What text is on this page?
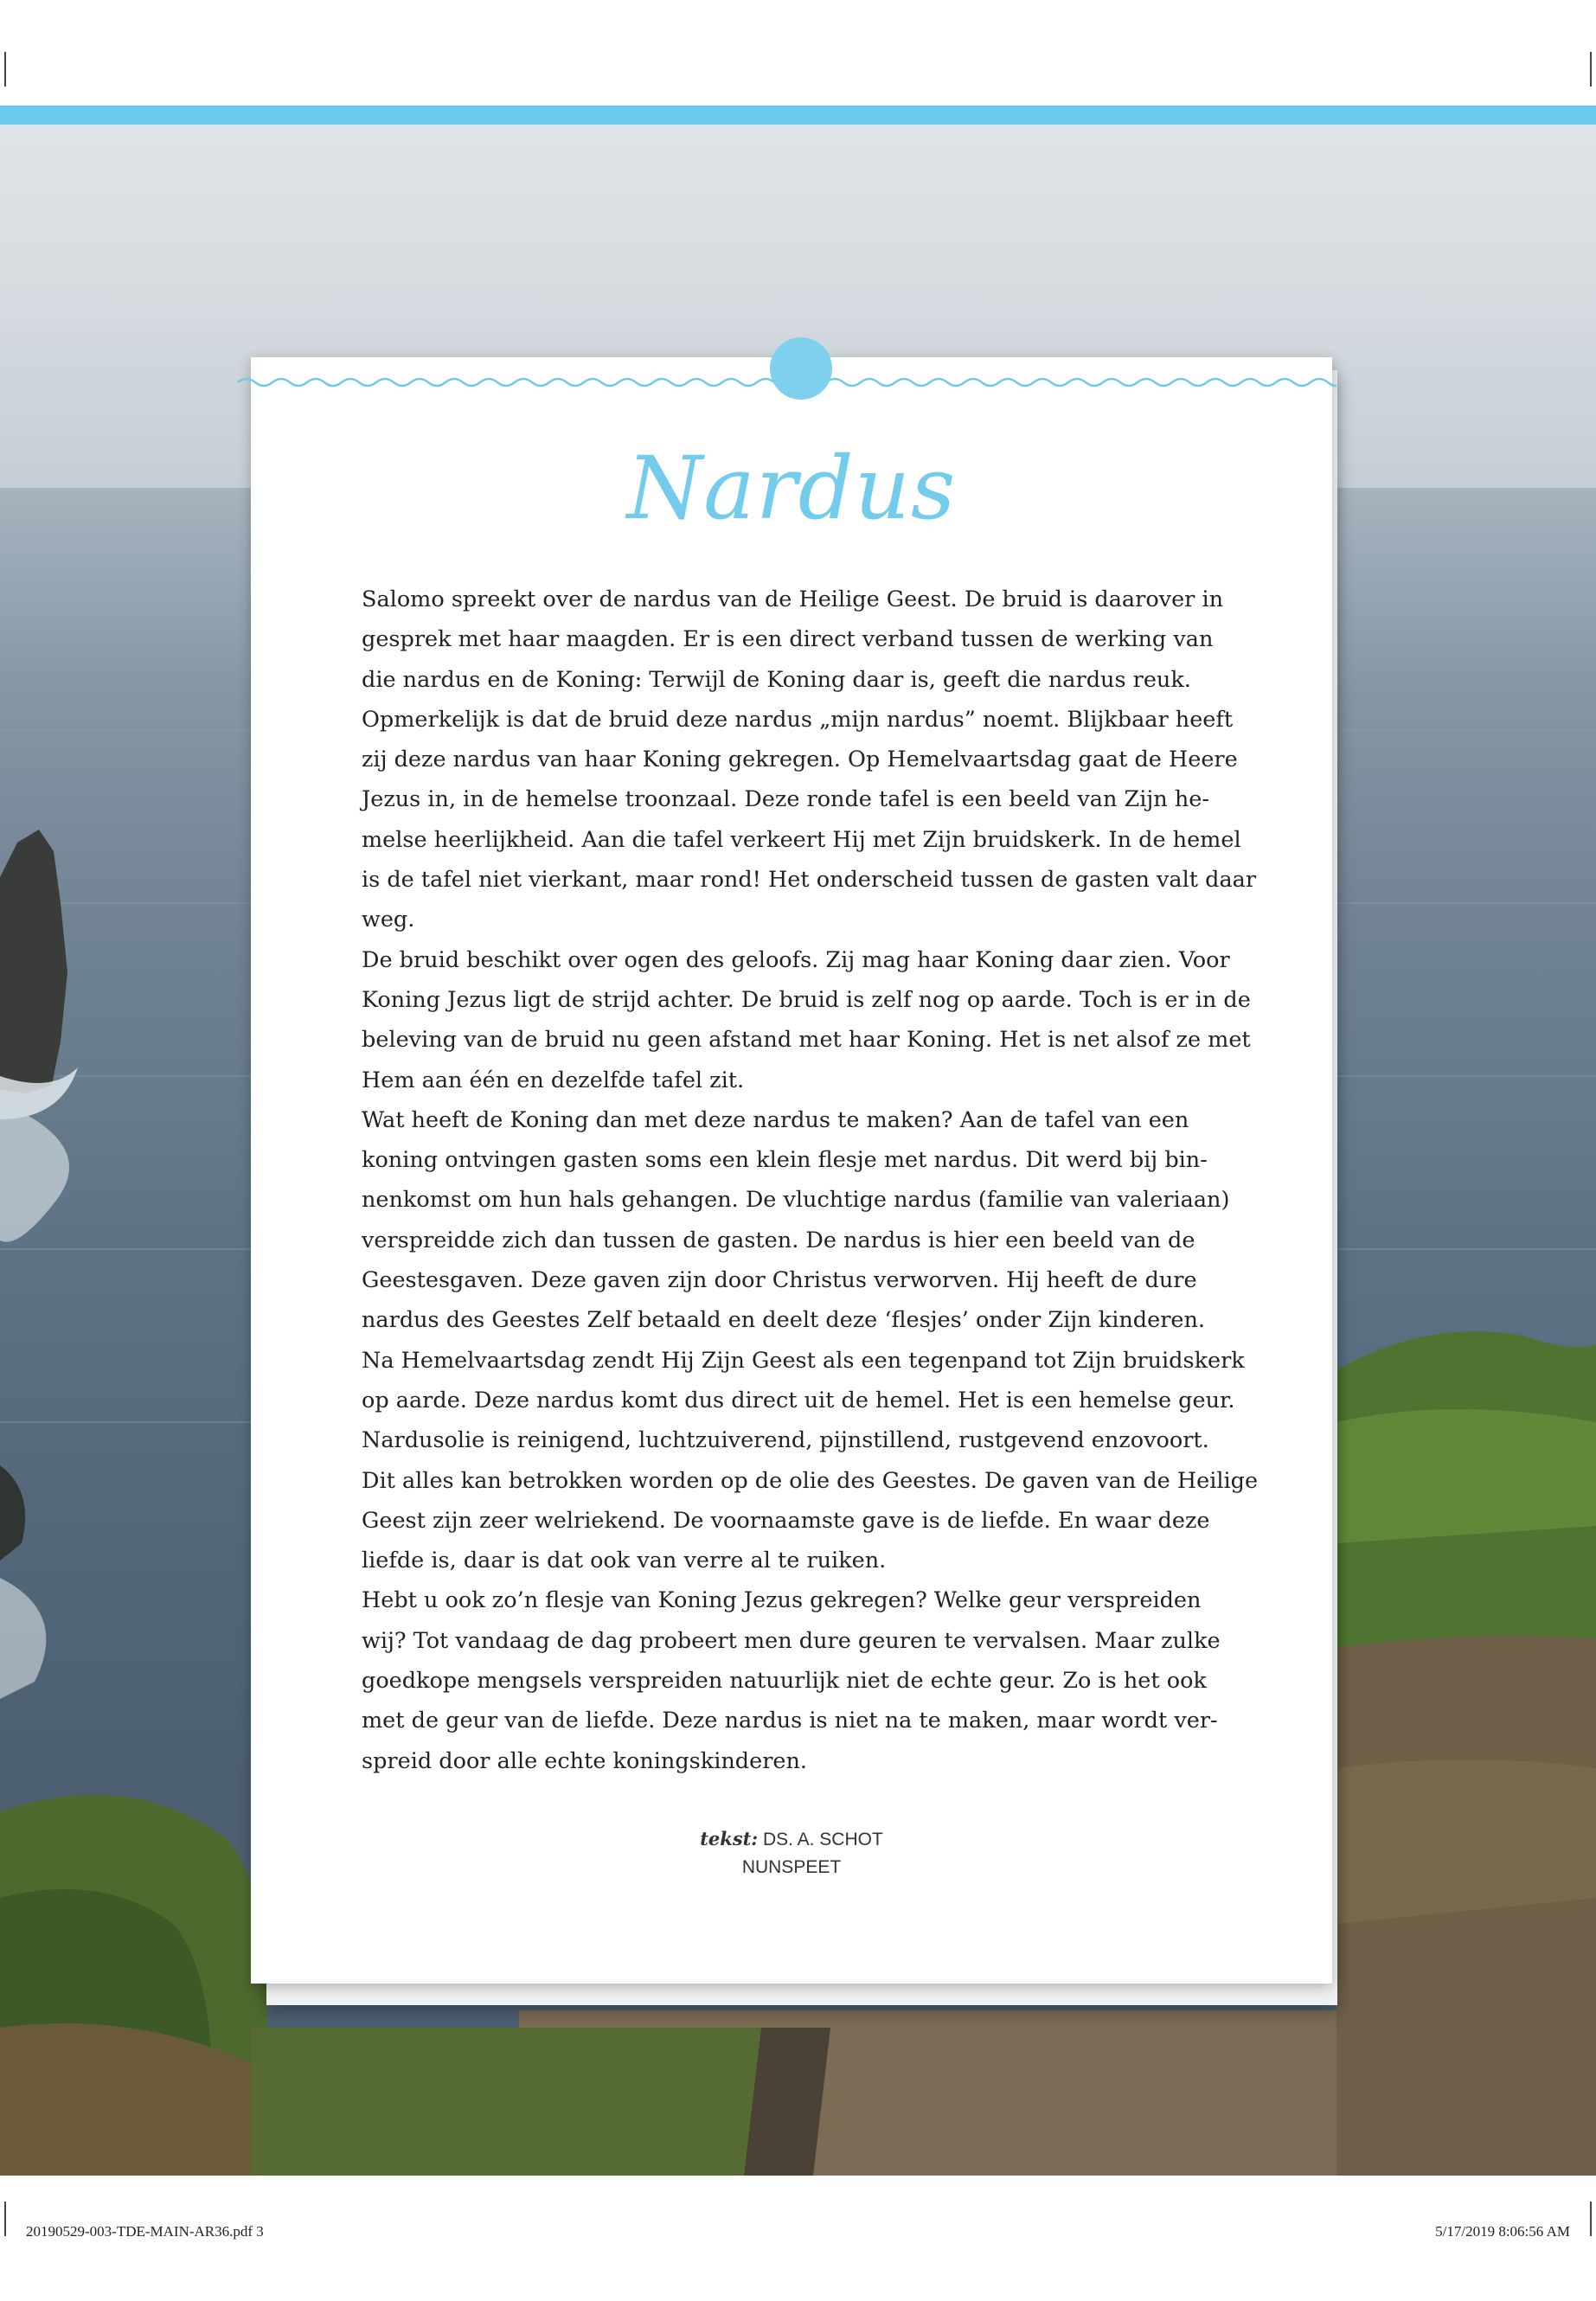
Nardus
Salomo spreekt over de nardus van de Heilige Geest. De bruid is daarover in
gesprek met haar maagden. Er is een direct verband tussen de werking van
die nardus en de Koning: Terwijl de Koning daar is, geeft die nardus reuk.
Opmerkelijk is dat de bruid deze nardus „mijn nardus” noemt. Blijkbaar heeft
zij deze nardus van haar Koning gekregen. Op Hemelvaartsdag gaat de Heere
Jezus in, in de hemelse troonzaal. Deze ronde tafel is een beeld van Zijn he-
melse heerlijkheid. Aan die tafel verkeert Hij met Zijn bruidskerk. In de hemel
is de tafel niet vierkant, maar rond! Het onderscheid tussen de gasten valt daar
weg.
De bruid beschikt over ogen des geloofs. Zij mag haar Koning daar zien. Voor
Koning Jezus ligt de strijd achter. De bruid is zelf nog op aarde. Toch is er in de
beleving van de bruid nu geen afstand met haar Koning. Het is net alsof ze met
Hem aan één en dezelfde tafel zit.
Wat heeft de Koning dan met deze nardus te maken? Aan de tafel van een
koning ontvingen gasten soms een klein flesje met nardus. Dit werd bij bin-
nenkomst om hun hals gehangen. De vluchtige nardus (familie van valeriaan)
verspreidde zich dan tussen de gasten. De nardus is hier een beeld van de
Geestesgaven. Deze gaven zijn door Christus verworven. Hij heeft de dure
nardus des Geestes Zelf betaald en deelt deze ‘flesjes’ onder Zijn kinderen.
Na Hemelvaartsdag zendt Hij Zijn Geest als een tegenpand tot Zijn bruidskerk
op aarde. Deze nardus komt dus direct uit de hemel. Het is een hemelse geur.
Nardusolie is reinigend, luchtzuiverend, pijnstillend, rustgevend enzovoort.
Dit alles kan betrokken worden op de olie des Geestes. De gaven van de Heilige
Geest zijn zeer welriekend. De voornaamste gave is de liefde. En waar deze
liefde is, daar is dat ook van verre al te ruiken.
Hebt u ook zo’n flesje van Koning Jezus gekregen? Welke geur verspreiden
wij? Tot vandaag de dag probeert men dure geuren te vervalsen. Maar zulke
goedkope mengsels verspreiden natuurlijk niet de echte geur. Zo is het ook
met de geur van de liefde. Deze nardus is niet na te maken, maar wordt ver-
spreid door alle echte koningskinderen.
tekst: DS. A. SCHOT
NUNSPEET
20190529-003-TDE-MAIN-AR36.pdf 3	5/17/2019 8:06:56 AM
